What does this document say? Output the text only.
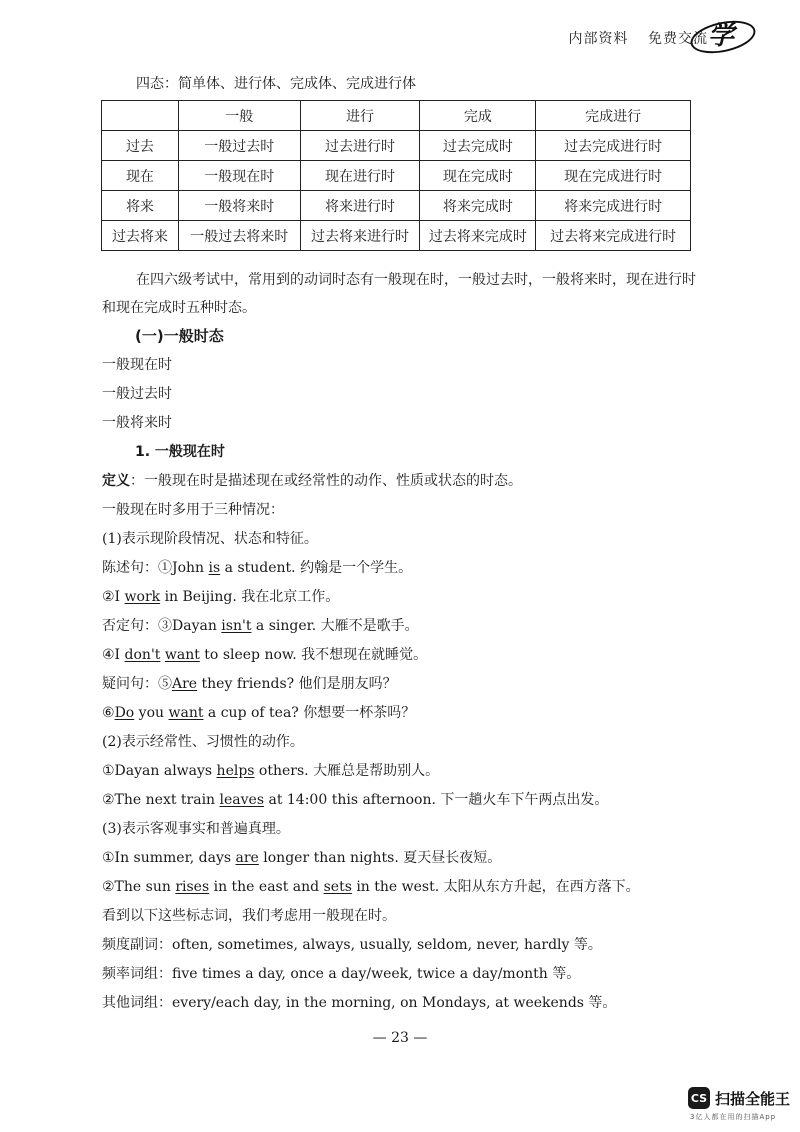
内部资料 免费交流 学
四态：简单体、进行体、完成体、完成进行体
	一般	进行	完成	完成进行
过去	一般过去时	过去进行时	过去完成时	过去完成进行时
现在	一般现在时	现在进行时	现在完成时	现在完成进行时
将来	一般将来时	将来进行时	将来完成时	将来完成进行时
过去将来	一般过去将来时	过去将来进行时	过去将来完成时	过去将来完成进行时

在四六级考试中，常用到的动词时态有一般现在时，一般过去时，一般将来时，现在进行时和现在完成时五种时态。

(一)一般时态

一般现在时

一般过去时

一般将来时

1. 一般现在时

定义：一般现在时是描述现在或经常性的动作、性质或状态的时态。

一般现在时多用于三种情况：

(1)表示现阶段情况、状态和特征。

陈述句：①John is a student. 约翰是一个学生。

②I work in Beijing. 我在北京工作。

否定句：③Dayan isn't a singer. 大雁不是歌手。

④I don't want to sleep now. 我不想现在就睡觉。

疑问句：⑤Are they friends? 他们是朋友吗？

⑥Do you want a cup of tea? 你想要一杯茶吗？

(2)表示经常性、习惯性的动作。

①Dayan always helps others. 大雁总是帮助别人。

②The next train leaves at 14:00 this afternoon. 下一趟火车下午两点出发。

(3)表示客观事实和普遍真理。

①In summer, days are longer than nights. 夏天昼长夜短。

②The sun rises in the east and sets in the west. 太阳从东方升起，在西方落下。

看到以下这些标志词，我们考虑用一般现在时。

频度副词：often, sometimes, always, usually, seldom, never, hardly 等。

频率词组：five times a day, once a day/week, twice a day/month 等。

其他词组：every/each day, in the morning, on Mondays, at weekends 等。

— 23 —
CS 扫描全能王
3亿人都在用的扫描App
